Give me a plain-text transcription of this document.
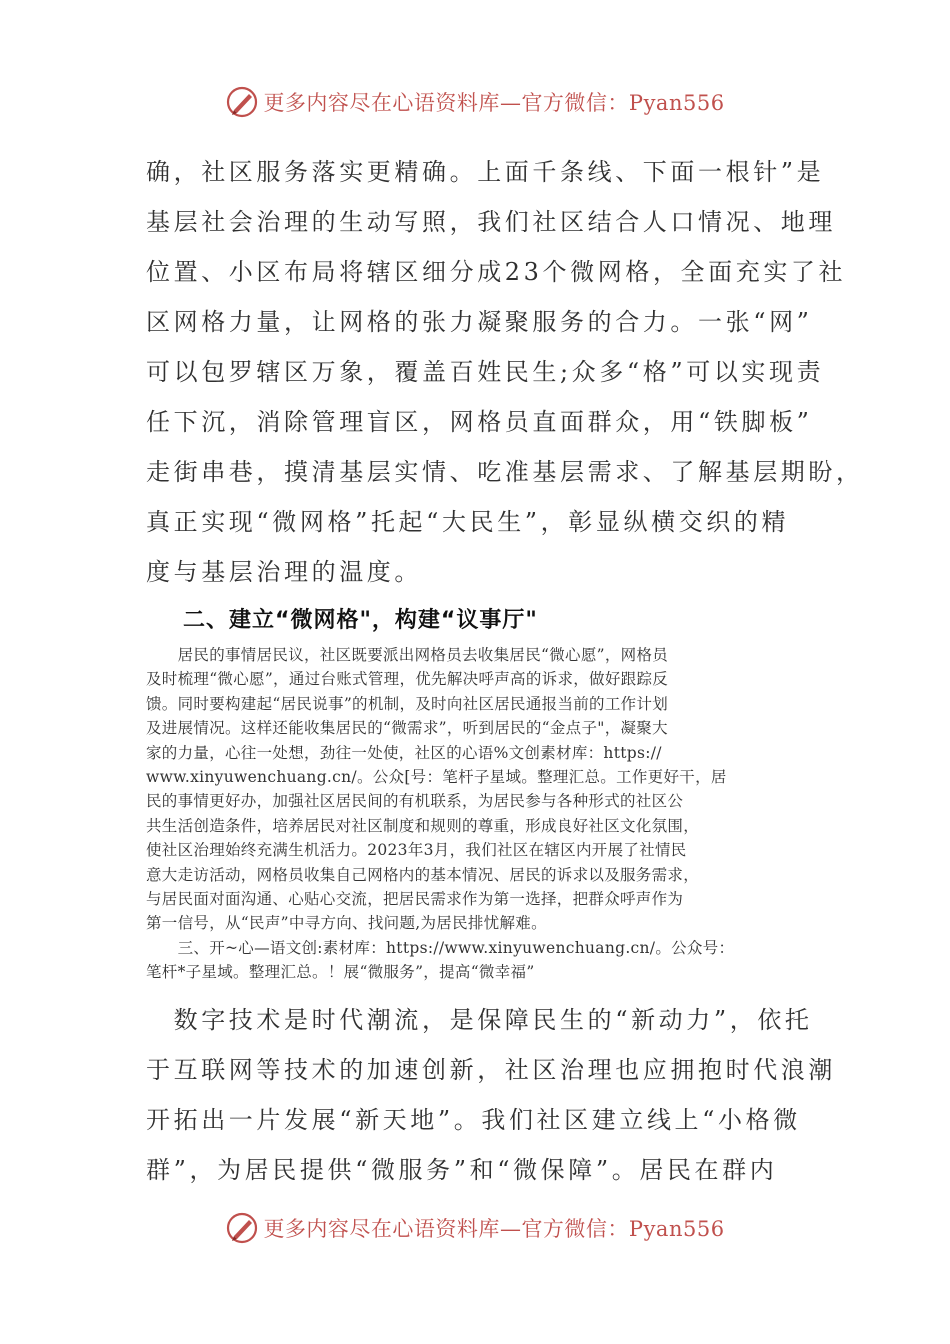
更多内容尽在心语资料库—官方微信：Pyan556

确，社区服务落实更精确。上面千条线、下面一根针”是

基层社会治理的生动写照，我们社区结合人口情况、地理

位置、小区布局将辖区细分成23个微网格，全面充实了社

区网格力量，让网格的张力凝聚服务的合力。一张“网”

可以包罗辖区万象，覆盖百姓民生;众多“格”可以实现责

任下沉，消除管理盲区，网格员直面群众，用“铁脚板”

走街串巷，摸清基层实情、吃准基层需求、了解基层期盼，

真正实现“微网格”托起“大民生”，彰显纵横交织的精

度与基层治理的温度。

二、建立“微网格"，构建“议事厅"

　　居民的事情居民议，社区既要派出网格员去收集居民“微心愿”，网格员

及时梳理“微心愿”，通过台账式管理，优先解决呼声高的诉求，做好跟踪反

馈。同时要构建起“居民说事”的机制，及时向社区居民通报当前的工作计划

及进展情况。这样还能收集居民的“微需求”，听到居民的“金点子"，凝聚大

家的力量，心往一处想，劲往一处使，社区的心语%文创素材库：https://

www.xinyuwenchuang.cn/。公众[号：笔杆子星域。整理汇总。工作更好干，居

民的事情更好办，加强社区居民间的有机联系，为居民参与各种形式的社区公

共生活创造条件，培养居民对社区制度和规则的尊重，形成良好社区文化氛围，

使社区治理始终充满生机活力。2023年3月，我们社区在辖区内开展了社情民

意大走访活动，网格员收集自己网格内的基本情况、居民的诉求以及服务需求，

与居民面对面沟通、心贴心交流，把居民需求作为第一选择，把群众呼声作为

第一信号，从“民声”中寻方向、找问题,为居民排忧解难。

　　三、开~心—语文创:素材库：https://www.xinyuwenchuang.cn/。公众号：

笔杆*子星域。整理汇总。！展“微服务”，提高“微幸福”

　数字技术是时代潮流，是保障民生的“新动力”，依托

于互联网等技术的加速创新，社区治理也应拥抱时代浪潮

开拓出一片发展“新天地”。我们社区建立线上“小格微

群”，为居民提供“微服务”和“微保障”。居民在群内

更多内容尽在心语资料库—官方微信：Pyan556
